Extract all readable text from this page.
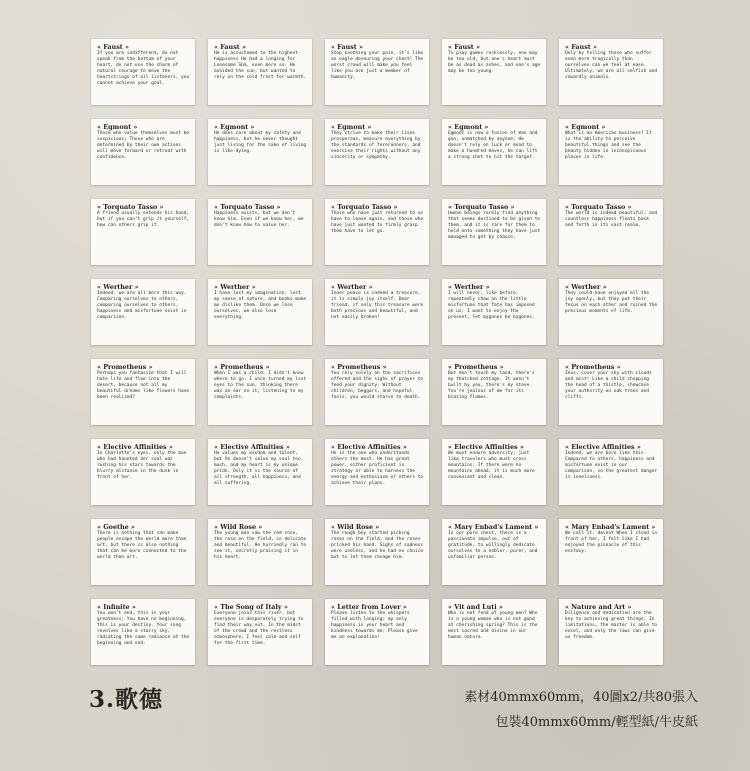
« Faust »
If you are indifferent, do not speak from the bottom of your heart, do not use the charm of natural courage to move the heartstrings of all listeners, you cannot achieve your goal.
« Faust »
He is accustomed to the highest happiness He had a longing for Lonesome Sha, even more so. He avoided the sun, but wanted to rely on the cold frost for warmth.
« Faust »
Stop soothing your pain, it's like an eagle devouring your chest! The worst crowd will make you feel like you are just a member of humanity.
« Faust »
To play games recklessly, one may be too old, but one's heart must be as dead as ashes, and one's age may be too young.
« Faust »
Only by telling those who suffer even more tragically than ourselves can we feel at ease. Ultimately, we are all selfish and cowardly animals.
« Egmont »
Those who value themselves must be suspicious; Those who are determined by their own actions will move forward or retreat with confidence.
« Egmont »
He does care about my safety and happiness, but he never thought just living for the sake of living is like dying.
« Egmont »
They strive to make their lives prosperous, measure everything by the standards of forerunners, and exercise their rights without any sincerity or sympathy.
« Egmont »
Egmont is now a fusion of man and gun, unmatched by anyone; He doesn't rely on luck or mood to make a hundred moves, he can lift a strong shot to hit the target.
« Egmont »
What is an American business? It is the ability to perceive beautiful things and see the beauty hidden in inconspicuous places in life.
« Torquato Tasso »
A friend usually extends his hand, but if you can't grip it yourself, how can others grip it.
« Torquato Tasso »
Happiness exists, but we don't know him. Even if we know her, we don't know how to value her.
« Torquato Tasso »
Those who have just returned to us have to leave again, and those who have just wanted to firmly grasp them have to let go.
« Torquato Tasso »
Human beings rarely find anything that seems destined to be given to them, and it is rare for them to hold onto something they have just managed to get by chance.
« Torquato Tasso »
The world is indeed beautiful, and countless happiness floats back and forth in its vast realm.
« Werther »
Indeed, we are all born this way. Comparing ourselves to others, comparing ourselves to others, happiness and misfortune exist in comparison.
« Werther »
I have lost my imagination, lost my sense of nature, and books make me dislike them. Once we lose ourselves, we also lose everything.
« Werther »
Inner peace is indeed a treasure, it is simply joy itself. Dear friend, if only this treasure were both precious and beautiful, and not easily broken!
« Werther »
I will never, like before, repeatedly chew on the little misfortune that fate has imposed on us; I want to enjoy the present, let bygones be bygones.
« Werther »
They could have enjoyed all the joy openly, but they put their focus on each other and ruined the precious moments of life.
« Prometheus »
Perhaps you fantasize that I will hate life and flee into the desert, because not all my beautiful dreams like flowers have been realized?
« Prometheus »
When I was a child, I didn't know where to go. I once turned my lost eyes to the sun, thinking there was an ear on it, listening to my complaints.
« Prometheus »
You rely solely on the sacrifices offered and the sighs of prayer to feed your dignity. Without children, beggars, and hopeful fools, you would starve to death.
« Prometheus »
But don't touch my land, there's my thatched cottage. It wasn't built by you, there's my stove. You're jealous of me for its blazing flames.
« Prometheus »
Zeus, cover your sky with clouds and mist! Like a child chopping the head of a thistle, showcase your authority on oak trees and cliffs.
« Elective Affinities »
In Charlotte's eyes, only the man who had haunted her soul was rushing his stars towards the blurry distance in the dusk in front of her.
« Elective Affinities »
He values my wisdom and talent, but he doesn't value my soul too much, and my heart is my unique pride. Only it is the source of all strength, all happiness, and all suffering.
« Elective Affinities »
He is the one who understands others the most. He has great power, either proficient in strategy or able to harness the energy and enthusiasm of others to achieve their plans.
« Elective Affinities »
We must endure adversity, just like travelers who must cross mountains. If there were no mountains ahead, it is much more convenient and clean.
« Elective Affinities »
Indeed, we are born like this. Compared to others, happiness and misfortune exist in our comparison, so the greatest danger is loneliness.
« Goethe »
There is nothing that can make people escape the world more than art, but there is also nothing that can be more connected to the world than art.
« Wild Rose »
The young man saw the red rose, the rose on the field, so delicate and beautiful. He hurriedly ran to see it, secretly praising it in his heart.
« Wild Rose »
The rough boy started picking roses on the field, and the roses pricked his hand. Sighs of sadness were useless, and he had no choice but to let them ravage him.
« Mary Enbad's Lament »
In our pure chest, there is a passionate impulse, out of gratitude, to willingly dedicate ourselves to a nobler, purer, and unfamiliar person.
« Mary Enbad's Lament »
We call it: devout When I stood in front of her, I felt like I had enjoyed the pinnacle of this ecstasy.
« Infinite »
You won't end, this is your greatness; You have no beginning, this is your destiny. Your song revolves like a starry sky, radiating the same radiance at the beginning and end.
« The Song of Italy »
Everyone joins this river, but everyone is desperately trying to find their way out. In the midst of the crowd and the restless atmosphere, I feel calm and self for the first time.
« Letter from Lover »
Please listen to the whispers filled with longing; my only happiness is your heart and kindness towards me; Please give me an explanation!
« Vit and Luti »
Who is not fond of young men? Who is a young woman who is not good at cherishing spring? This is the most sacred and divine in our human nature.
« Nature and Art »
Diligence and dedication are the key to achieving great things; In limitations, the master is able to excel, and only the laws can give us freedom.
3.歌德	素材40mmx60mm，40圖x2/共80張入
包裝40mmx60mm/輕型紙/牛皮紙
